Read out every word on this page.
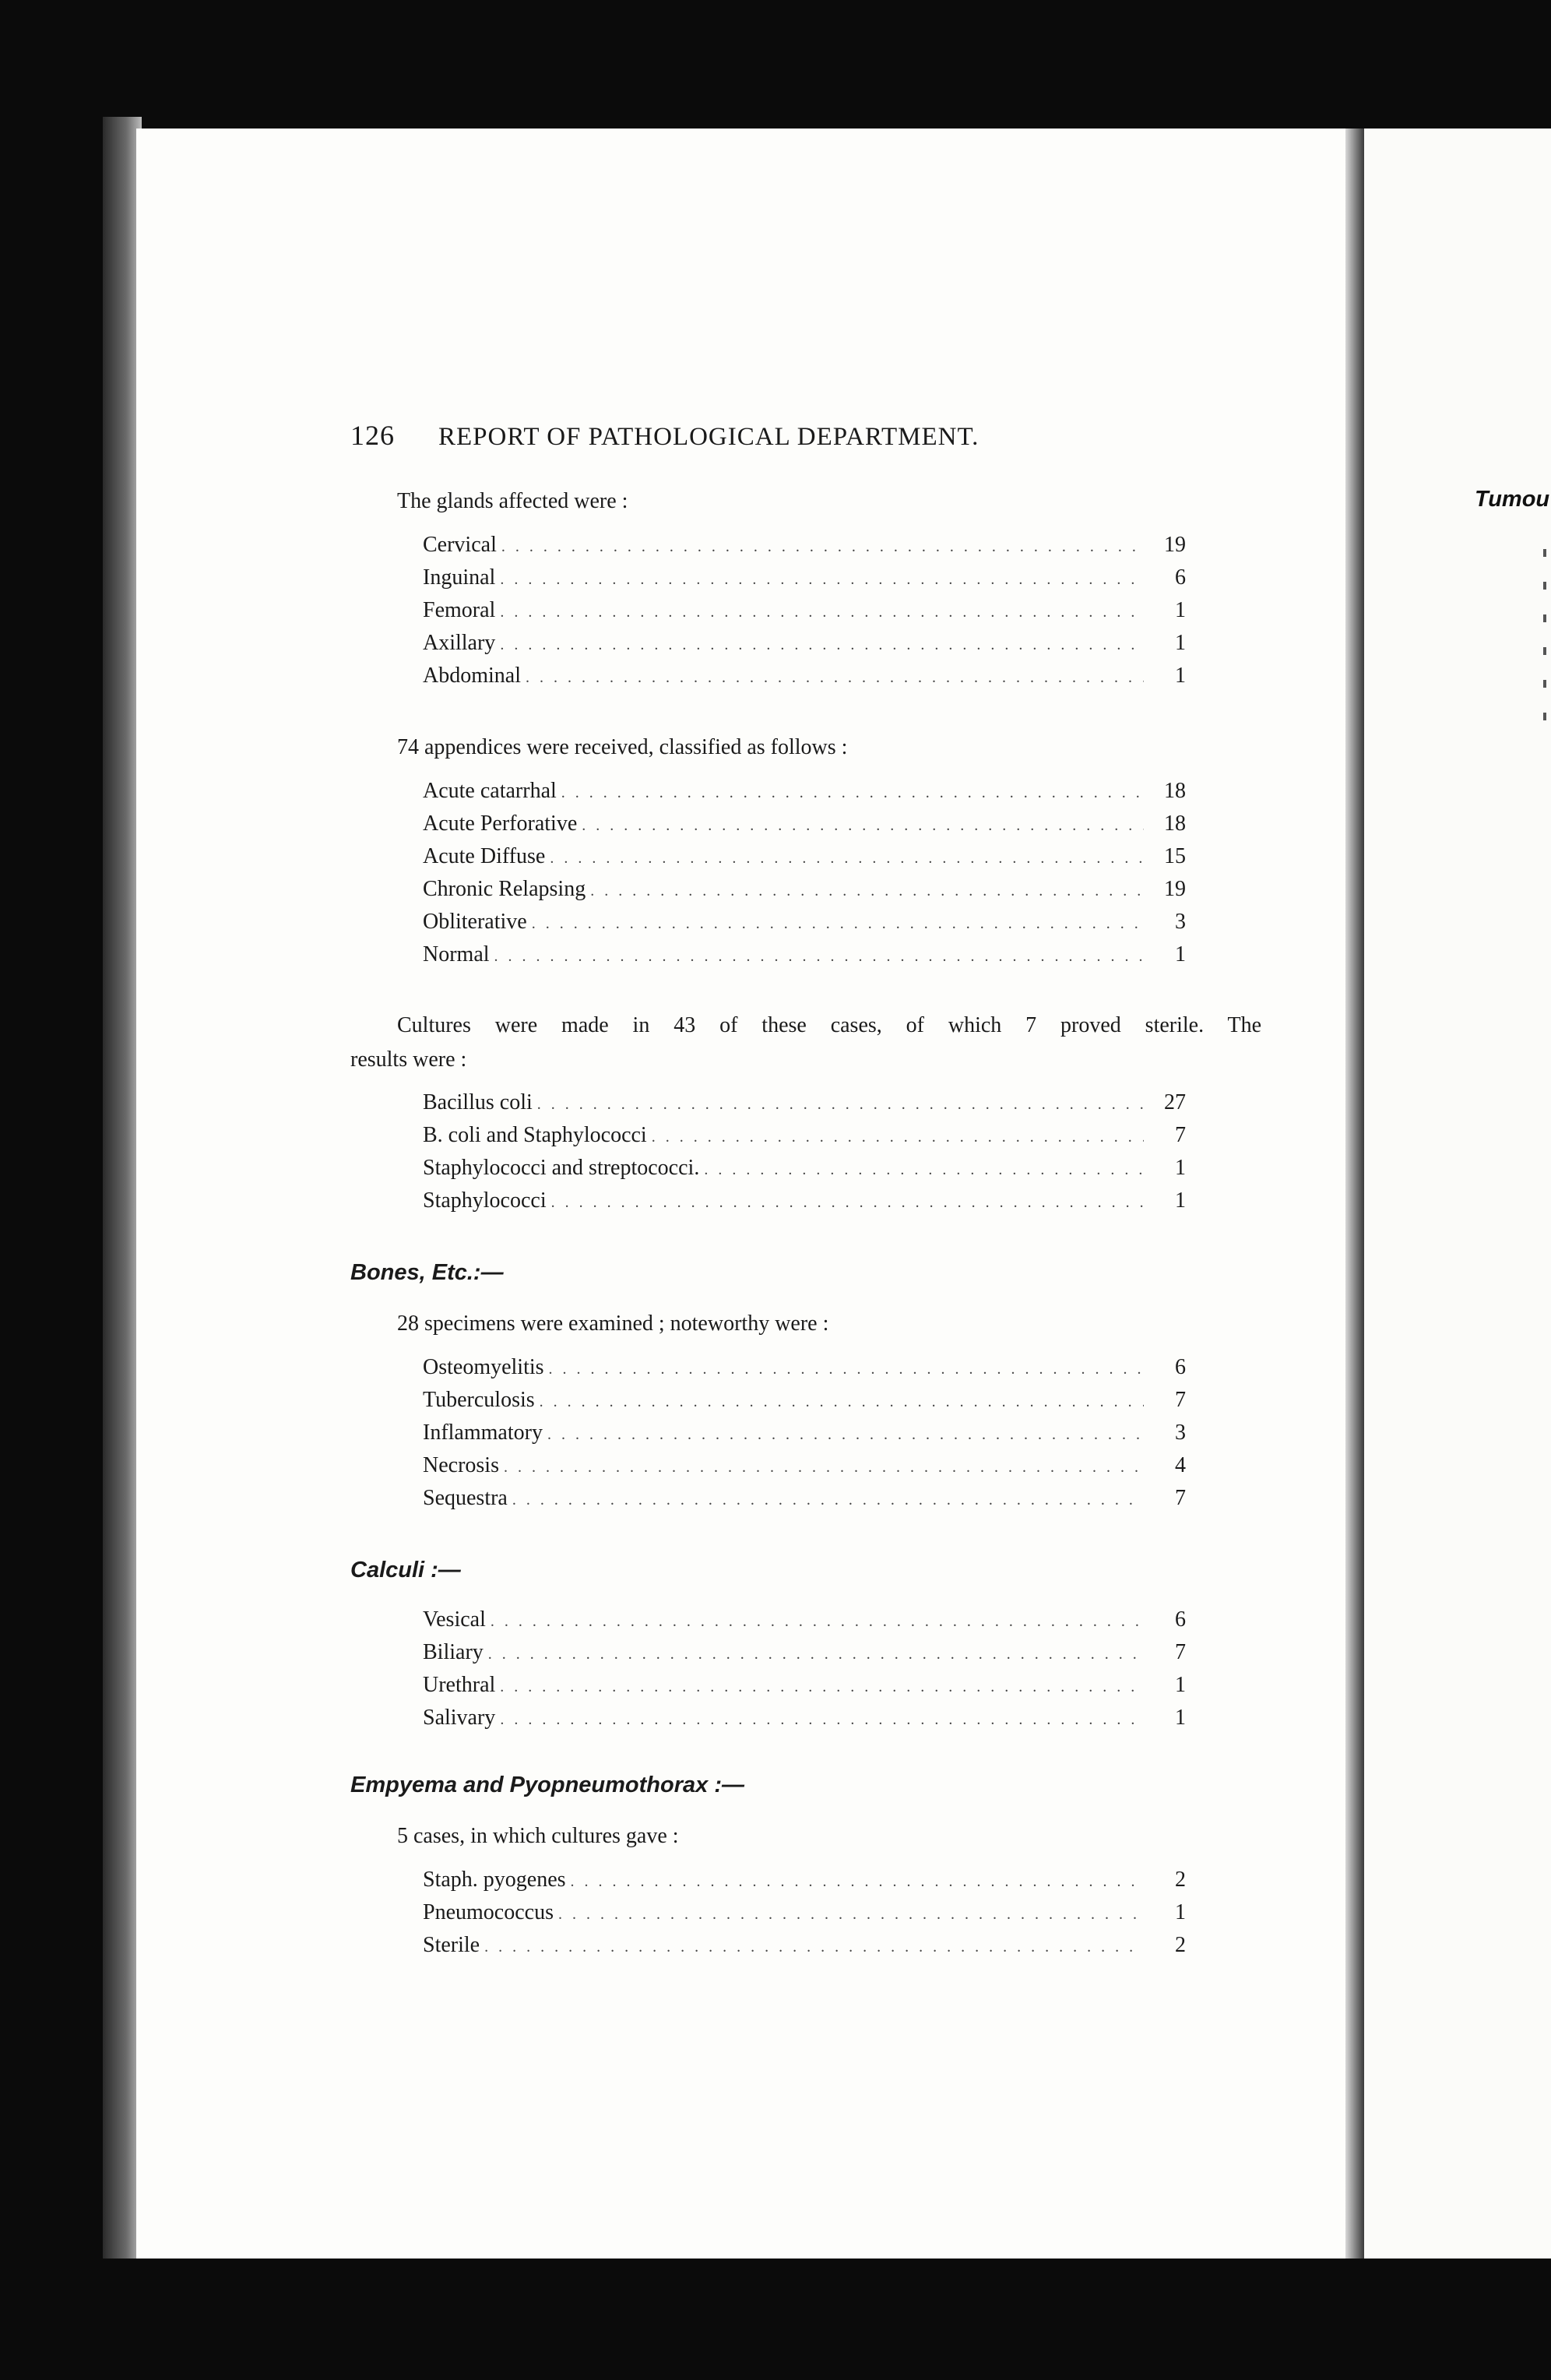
Tumou
126 REPORT OF PATHOLOGICAL DEPARTMENT.
The glands affected were :
Cervical . . .	19
Inguinal . . .	6
Femoral . . .	1
Axillary . . .	1
Abdominal . . .	1
74 appendices were received, classified as follows :
Acute catarrhal . . .	18
Acute Perforative . . .	18
Acute Diffuse . . .	15
Chronic Relapsing . . .	19
Obliterative . . .	3
Normal . . .	1
Cultures were made in 43 of these cases, of which 7 proved sterile. The
results were :
Bacillus coli . . .	27
B. coli and Staphylococci . . .	7
Staphylococci and streptococci. . . .	1
Staphylococci . . .	1
Bones, Etc.:—
28 specimens were examined ; noteworthy were :
Osteomyelitis . . .	6
Tuberculosis . . .	7
Inflammatory . . .	3
Necrosis . . .	4
Sequestra . . .	7
Calculi :—
Vesical . . .	6
Biliary . . .	7
Urethral . . .	1
Salivary . . .	1
Empyema and Pyopneumothorax :—
5 cases, in which cultures gave :
Staph. pyogenes . . .	2
Pneumococcus . . .	1
Sterile . . .	2
